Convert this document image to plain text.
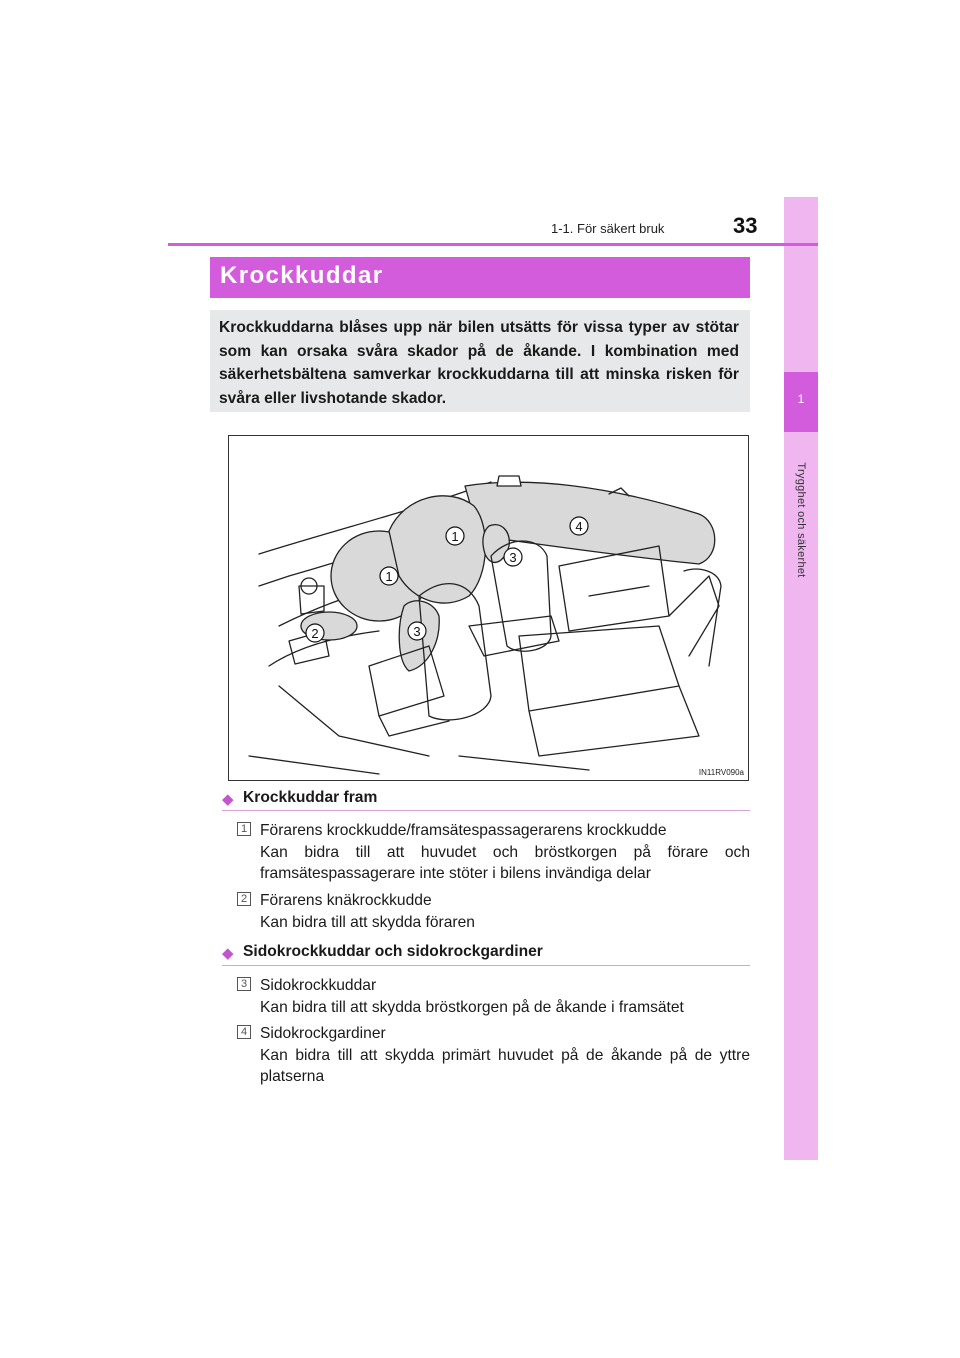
1
Trygghet och säkerhet
1-1. För säkert bruk	33
Krockkuddar
Krockkuddarna blåses upp när bilen utsätts för vissa typer av stötar som kan orsaka svåra skador på de åkande. I kombination med säkerhetsbältena samverkar krockkuddarna till att minska risken för svåra eller livshotande skador.
1
1
2
3
3
4
IN11RV090a
◆ Krockkuddar fram
1 Förarens krockkudde/framsätespassagerarens krockkudde
Kan bidra till att huvudet och bröstkorgen på förare och framsätespassagerare inte stöter i bilens invändiga delar
2 Förarens knäkrockkudde
Kan bidra till att skydda föraren
◆ Sidokrockkuddar och sidokrockgardiner
3 Sidokrockkuddar
Kan bidra till att skydda bröstkorgen på de åkande i framsätet
4 Sidokrockgardiner
Kan bidra till att skydda primärt huvudet på de åkande på de yttre platserna
